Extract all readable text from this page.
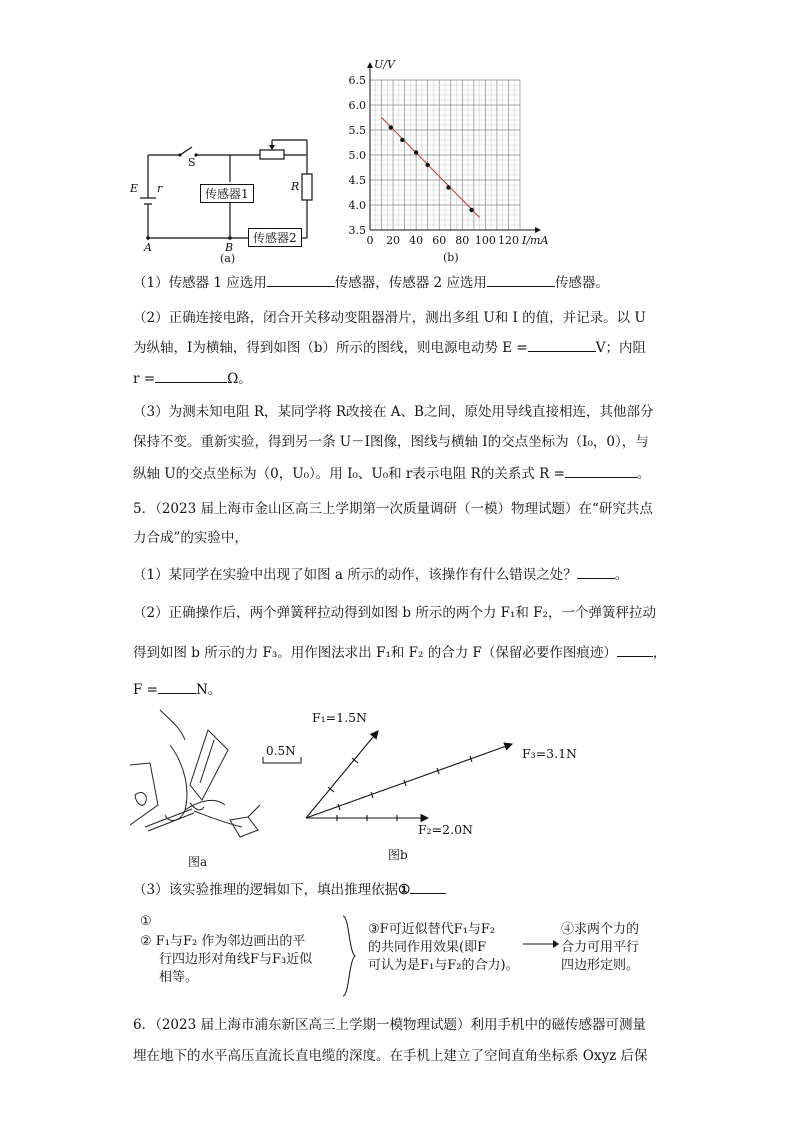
S
E r	R
A	B
传感器1
传感器2
(a)
0 20 40 60 80 100 120
3.5
4.0
4.5
5.0
5.5
6.0
6.5
I/mA
U/V
(b)
（1）传感器 1 应选用	传感器，传感器 2 应选用	传感器。
（2）正确连接电路，闭合开关移动变阻器滑片，测出多组 U和 I 的值，并记录。以 U
为纵轴，I为横轴，得到如图（b）所示的图线，则电源电动势 E =	V；内阻
r =	Ω。
（3）为测未知电阻 R，某同学将 R改接在 A、B之间，原处用导线直接相连，其他部分
保持不变。重新实验，得到另一条 U－I图像，图线与横轴 I的交点坐标为（I₀，0），与
纵轴 U的交点坐标为（0，U₀）。用 I₀、U₀和 r表示电阻 R的关系式 R =	。
5．（2023 届上海市金山区高三上学期第一次质量调研（一模）物理试题）在“研究共点
力合成”的实验中，
（1）某同学在实验中出现了如图 a 所示的动作，该操作有什么错误之处？	。
（2）正确操作后，两个弹簧秤拉动得到如图 b 所示的两个力 F₁和 F₂，一个弹簧秤拉动
得到如图 b 所示的力 F₃。用作图法求出 F₁和 F₂ 的合力 F（保留必要作图痕迹）	，
F =	N。
图a
0.5N
F₁=1.5N
F₂=2.0N
F₃=3.1N
图b
（3）该实验推理的逻辑如下，填出推理依据①
①
② F₁与F₂ 作为邻边画出的平
行四边形对角线F与F₃近似
相等。
③F可近似替代F₁与F₂
的共同作用效果(即F
可认为是F₁与F₂的合力)。
④求两个力的
合力可用平行
四边形定则。
6．（2023 届上海市浦东新区高三上学期一模物理试题）利用手机中的磁传感器可测量
埋在地下的水平高压直流长直电缆的深度。在手机上建立了空间直角坐标系 Oxyz 后保
